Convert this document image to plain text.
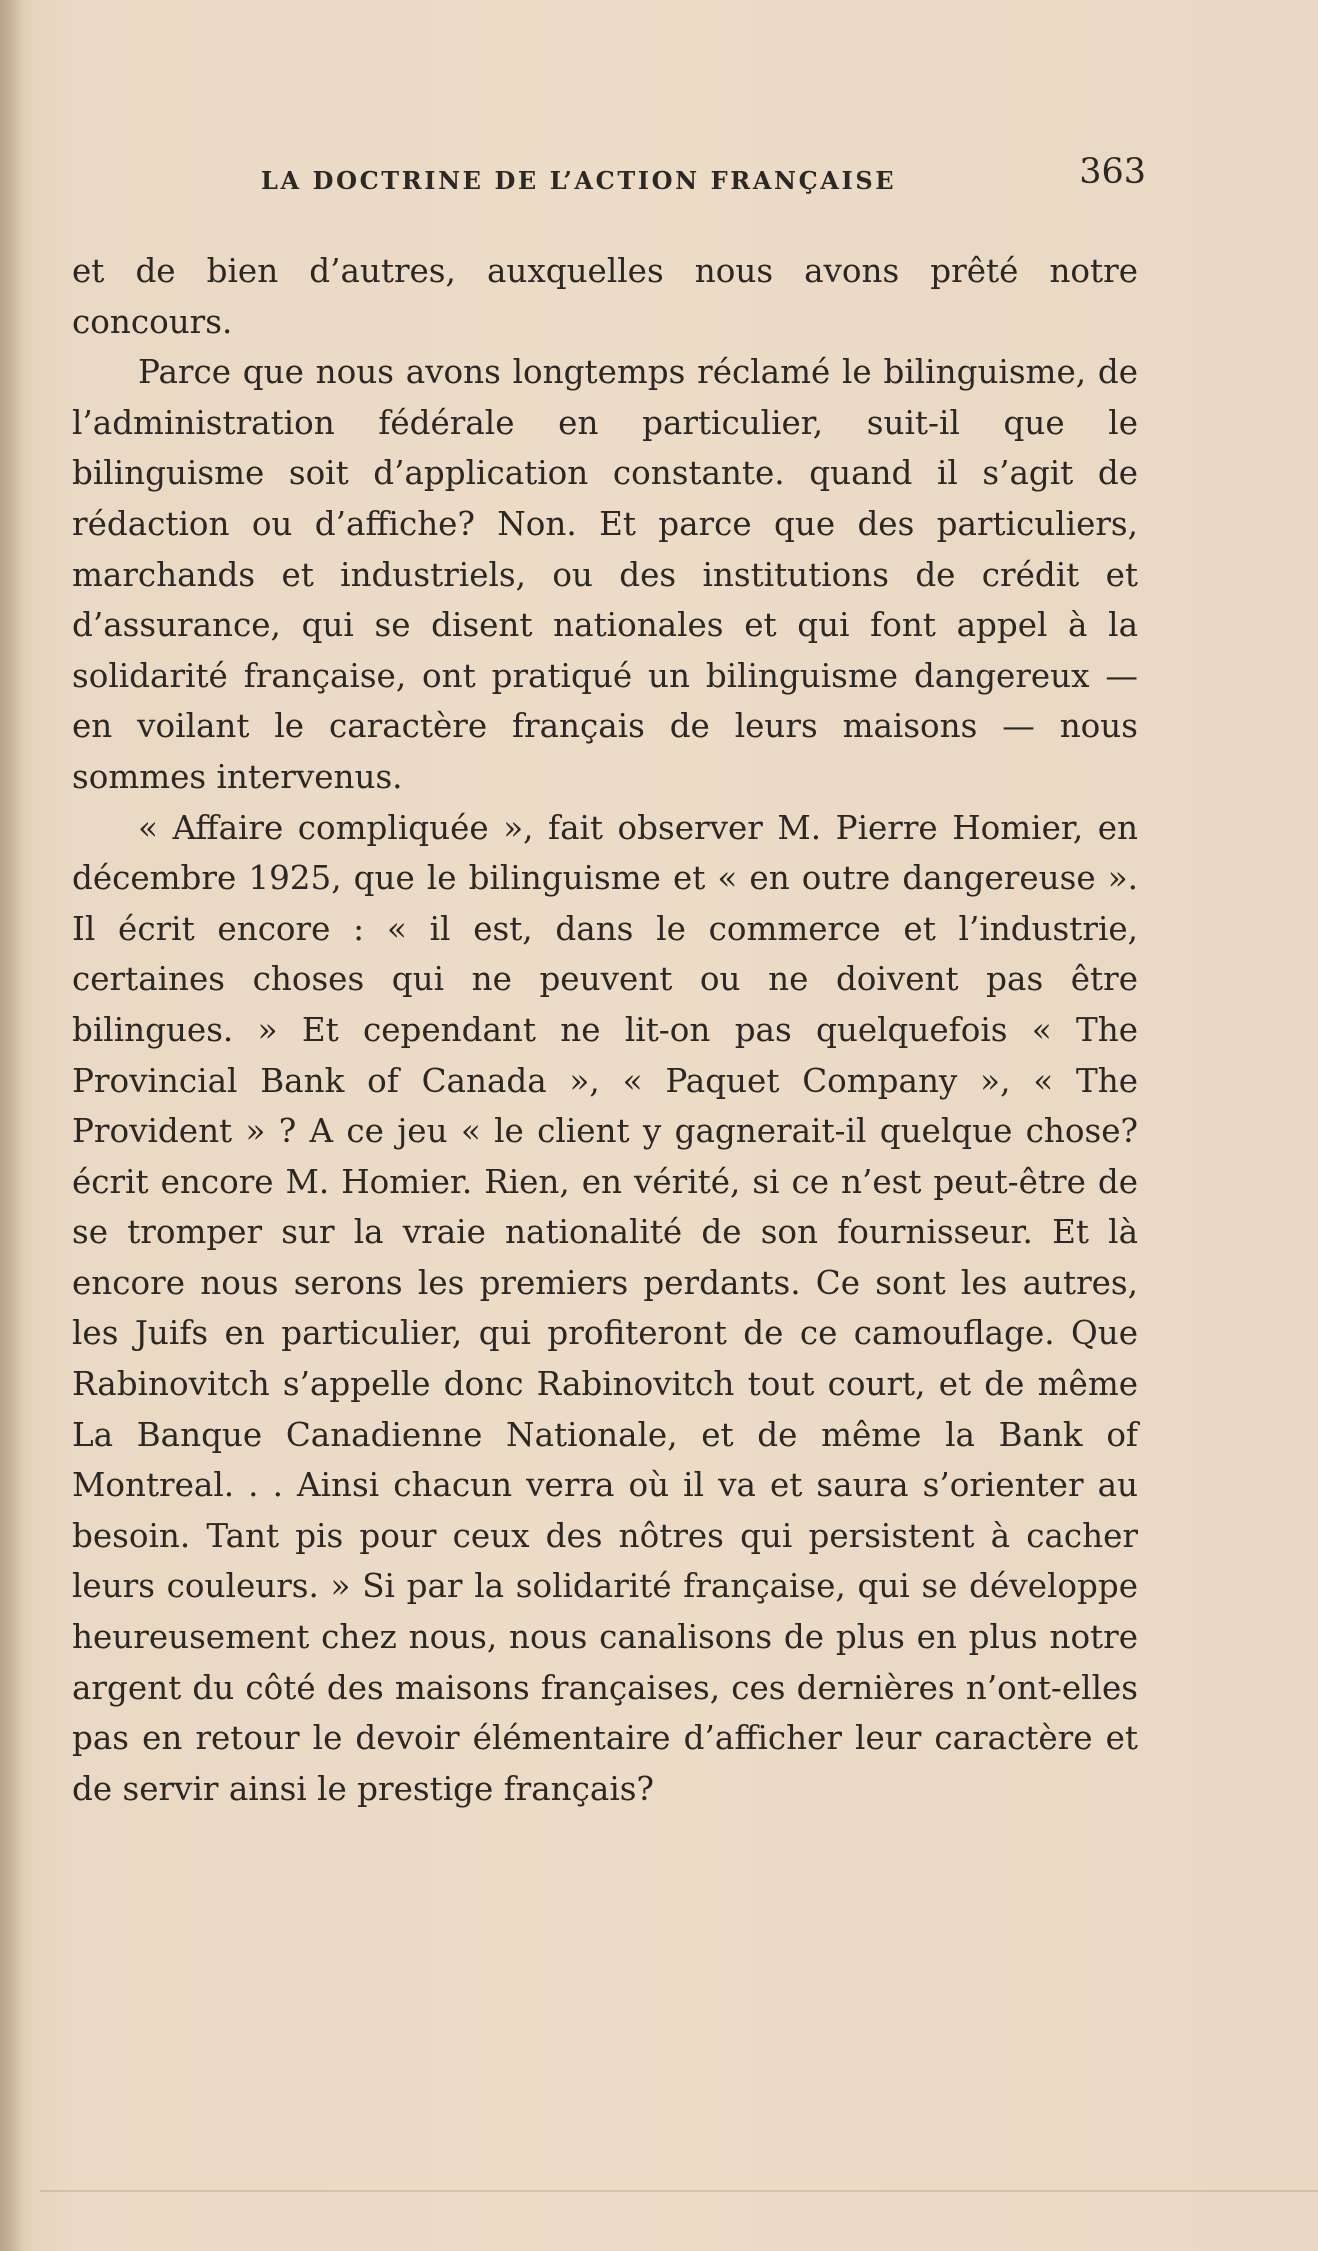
LA DOCTRINE DE L’ACTION FRANÇAISE	363

et de bien d’autres, auxquelles nous avons prêté notre concours.

Parce que nous avons longtemps réclamé le bilinguisme, de l’administration fédérale en particulier, suit-il que le bilinguisme soit d’application constante. quand il s’agit de rédaction ou d’affiche? Non. Et parce que des particuliers, marchands et industriels, ou des institutions de crédit et d’assurance, qui se disent nationales et qui font appel à la solidarité française, ont pratiqué un bilinguisme dangereux — en voilant le caractère français de leurs maisons — nous sommes intervenus.

« Affaire compliquée », fait observer M. Pierre Homier, en décembre 1925, que le bilinguisme et « en outre dangereuse ». Il écrit encore : « il est, dans le commerce et l’industrie, certaines choses qui ne peuvent ou ne doivent pas être bilingues. » Et cependant ne lit-on pas quelquefois « The Provincial Bank of Canada », « Paquet Company », « The Provident » ? A ce jeu « le client y gagnerait-il quelque chose? écrit encore M. Homier. Rien, en vérité, si ce n’est peut-être de se tromper sur la vraie nationalité de son fournisseur. Et là encore nous serons les premiers perdants. Ce sont les autres, les Juifs en particulier, qui profiteront de ce camouflage. Que Rabinovitch s’appelle donc Rabinovitch tout court, et de même La Banque Canadienne Nationale, et de même la Bank of Montreal. . . Ainsi chacun verra où il va et saura s’orienter au besoin. Tant pis pour ceux des nôtres qui persistent à cacher leurs couleurs. » Si par la solidarité française, qui se développe heureusement chez nous, nous canalisons de plus en plus notre argent du côté des maisons françaises, ces dernières n’ont-elles pas en retour le devoir élémentaire d’afficher leur caractère et de servir ainsi le prestige français?
